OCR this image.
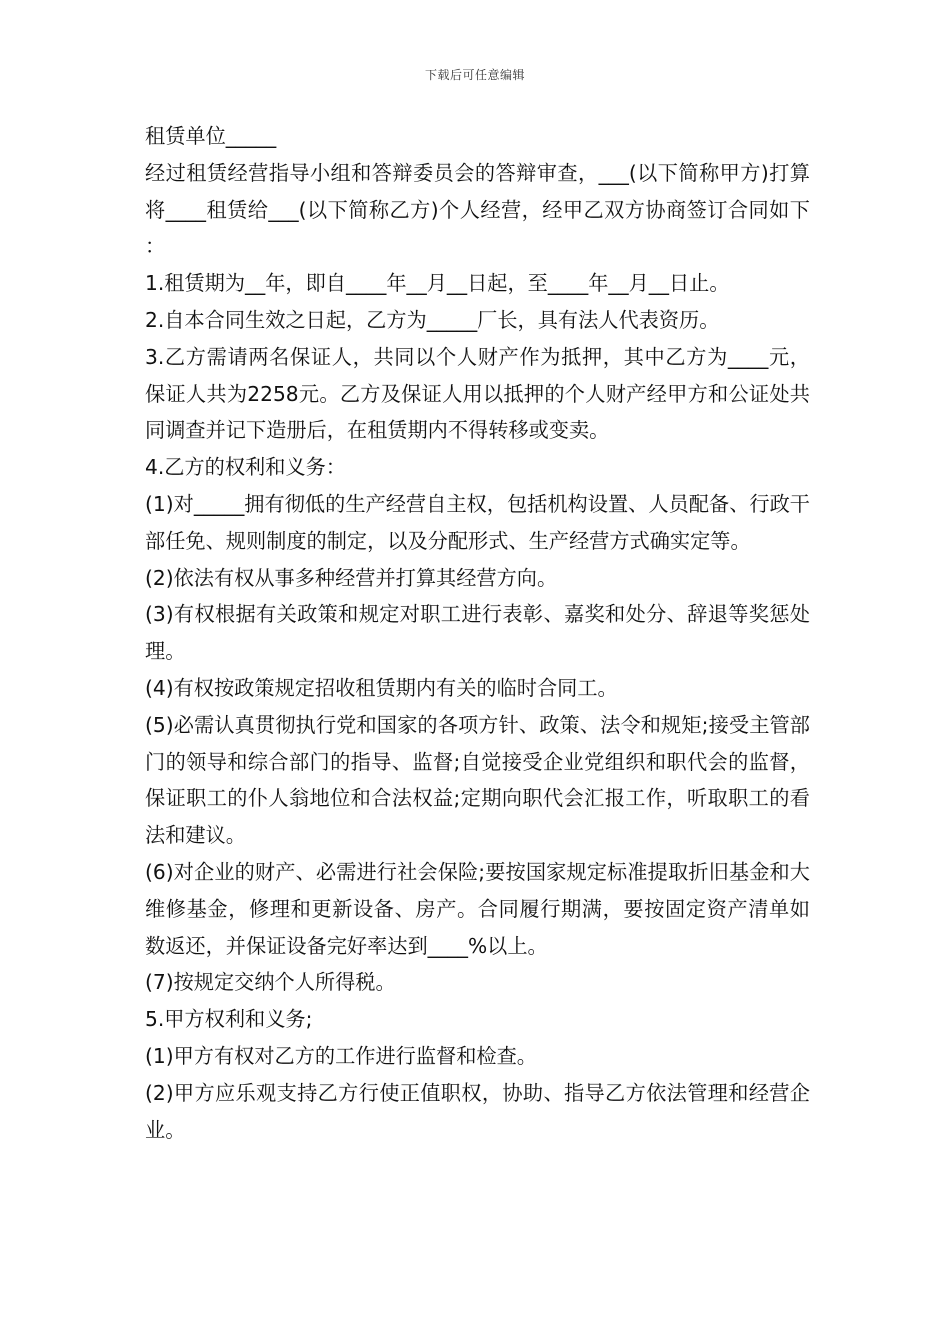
下载后可任意编辑

租赁单位_____

经过租赁经营指导小组和答辩委员会的答辩审查，___(以下简称甲方)打算将____租赁给___(以下简称乙方)个人经营，经甲乙双方协商签订合同如下：

1.租赁期为__年，即自____年__月__日起，至____年__月__日止。

2.自本合同生效之日起，乙方为_____厂长，具有法人代表资历。

3.乙方需请两名保证人，共同以个人财产作为抵押，其中乙方为____元，保证人共为2258元。乙方及保证人用以抵押的个人财产经甲方和公证处共同调查并记下造册后，在租赁期内不得转移或变卖。

4.乙方的权利和义务：

(1)对_____拥有彻低的生产经营自主权，包括机构设置、人员配备、行政干部任免、规则制度的制定，以及分配形式、生产经营方式确实定等。

(2)依法有权从事多种经营并打算其经营方向。

(3)有权根据有关政策和规定对职工进行表彰、嘉奖和处分、辞退等奖惩处理。

(4)有权按政策规定招收租赁期内有关的临时合同工。

(5)必需认真贯彻执行党和国家的各项方针、政策、法令和规矩;接受主管部门的领导和综合部门的指导、监督;自觉接受企业党组织和职代会的监督，保证职工的仆人翁地位和合法权益;定期向职代会汇报工作，听取职工的看法和建议。

(6)对企业的财产、必需进行社会保险;要按国家规定标准提取折旧基金和大维修基金，修理和更新设备、房产。合同履行期满，要按固定资产清单如数返还，并保证设备完好率达到____%以上。

(7)按规定交纳个人所得税。

5.甲方权利和义务;

(1)甲方有权对乙方的工作进行监督和检查。

(2)甲方应乐观支持乙方行使正值职权，协助、指导乙方依法管理和经营企业。
